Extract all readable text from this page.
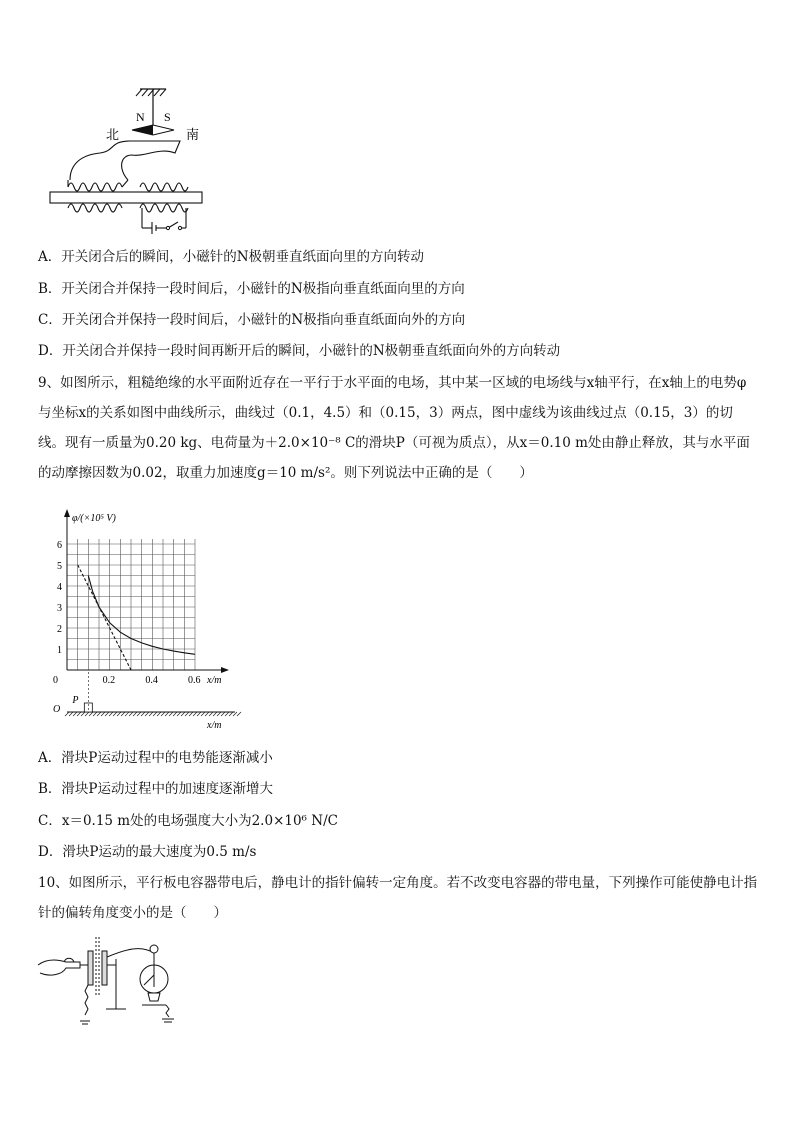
N S
北	南
A．开关闭合后的瞬间，小磁针的N极朝垂直纸面向里的方向转动
B．开关闭合并保持一段时间后，小磁针的N极指向垂直纸面向里的方向
C．开关闭合并保持一段时间后，小磁针的N极指向垂直纸面向外的方向
D．开关闭合并保持一段时间再断开后的瞬间，小磁针的N极朝垂直纸面向外的方向转动
9、如图所示，粗糙绝缘的水平面附近存在一平行于水平面的电场，其中某一区域的电场线与x轴平行，在x轴上的电势φ与坐标x的关系如图中曲线所示，曲线过（0.1，4.5）和（0.15，3）两点，图中虚线为该曲线过点（0.15，3）的切线。现有一质量为0.20 kg、电荷量为＋2.0×10⁻⁸ C的滑块P（可视为质点），从x＝0.10 m处由静止释放，其与水平面的动摩擦因数为0.02，取重力加速度g＝10 m/s²。则下列说法中正确的是（　　）
0.2	0.4	0.6
1
2
3
4
5
6
φ/(×10⁵ V)
x/m
0
O
P
x/m
A．滑块P运动过程中的电势能逐渐减小
B．滑块P运动过程中的加速度逐渐增大
C．x＝0.15 m处的电场强度大小为2.0×10⁶ N/C
D．滑块P运动的最大速度为0.5 m/s
10、如图所示，平行板电容器带电后，静电计的指针偏转一定角度。若不改变电容器的带电量，下列操作可能使静电计指针的偏转角度变小的是（　　）
